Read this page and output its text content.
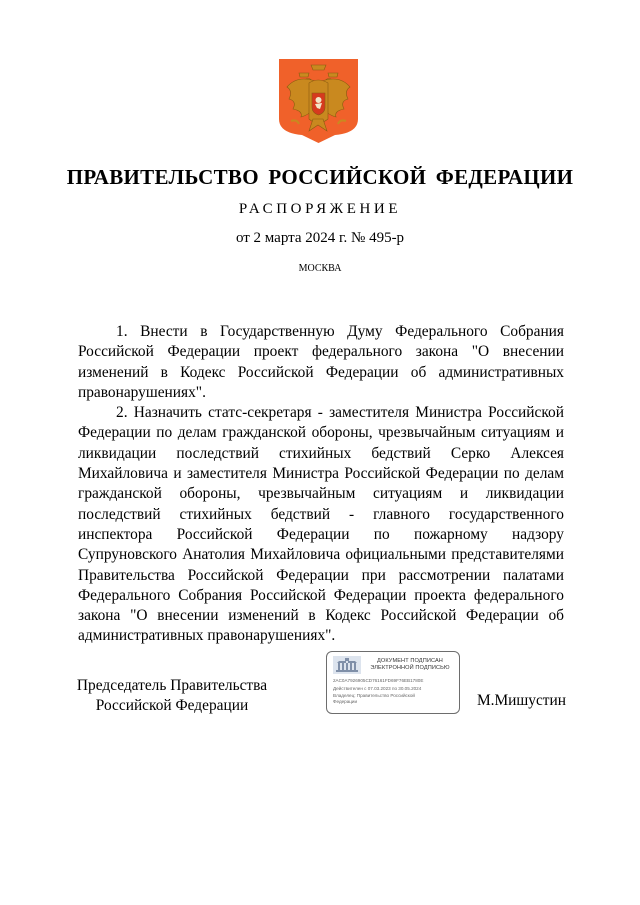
ПРАВИТЕЛЬСТВО РОССИЙСКОЙ ФЕДЕРАЦИИ
РАСПОРЯЖЕНИЕ
от 2 марта 2024 г. № 495-р
МОСКВА

1. Внести в Государственную Думу Федерального Собрания Российской Федерации проект федерального закона "О внесении изменений в Кодекс Российской Федерации об административных правонарушениях".

2. Назначить статс-секретаря - заместителя Министра Российской Федерации по делам гражданской обороны, чрезвычайным ситуациям и ликвидации последствий стихийных бедствий Серко Алексея Михайловича и заместителя Министра Российской Федерации по делам гражданской обороны, чрезвычайным ситуациям и ликвидации последствий стихийных бедствий - главного государственного инспектора Российской Федерации по пожарному надзору Супруновского Анатолия Михайловича официальными представителями Правительства Российской Федерации при рассмотрении палатами Федерального Собрания Российской Федерации проекта федерального закона "О внесении изменений в Кодекс Российской Федерации об административных правонарушениях".

Председатель Правительства
Российской Федерации
ДОКУМЕНТ ПОДПИСАН
ЭЛЕКТРОННОЙ ПОДПИСЬЮ
2AC0A7926905CD76161FD69F76EB1780E
Действителен с 07.03.2023 по 30.05.2024
Владелец: Правительство Российской
Федерации	М.Мишустин
